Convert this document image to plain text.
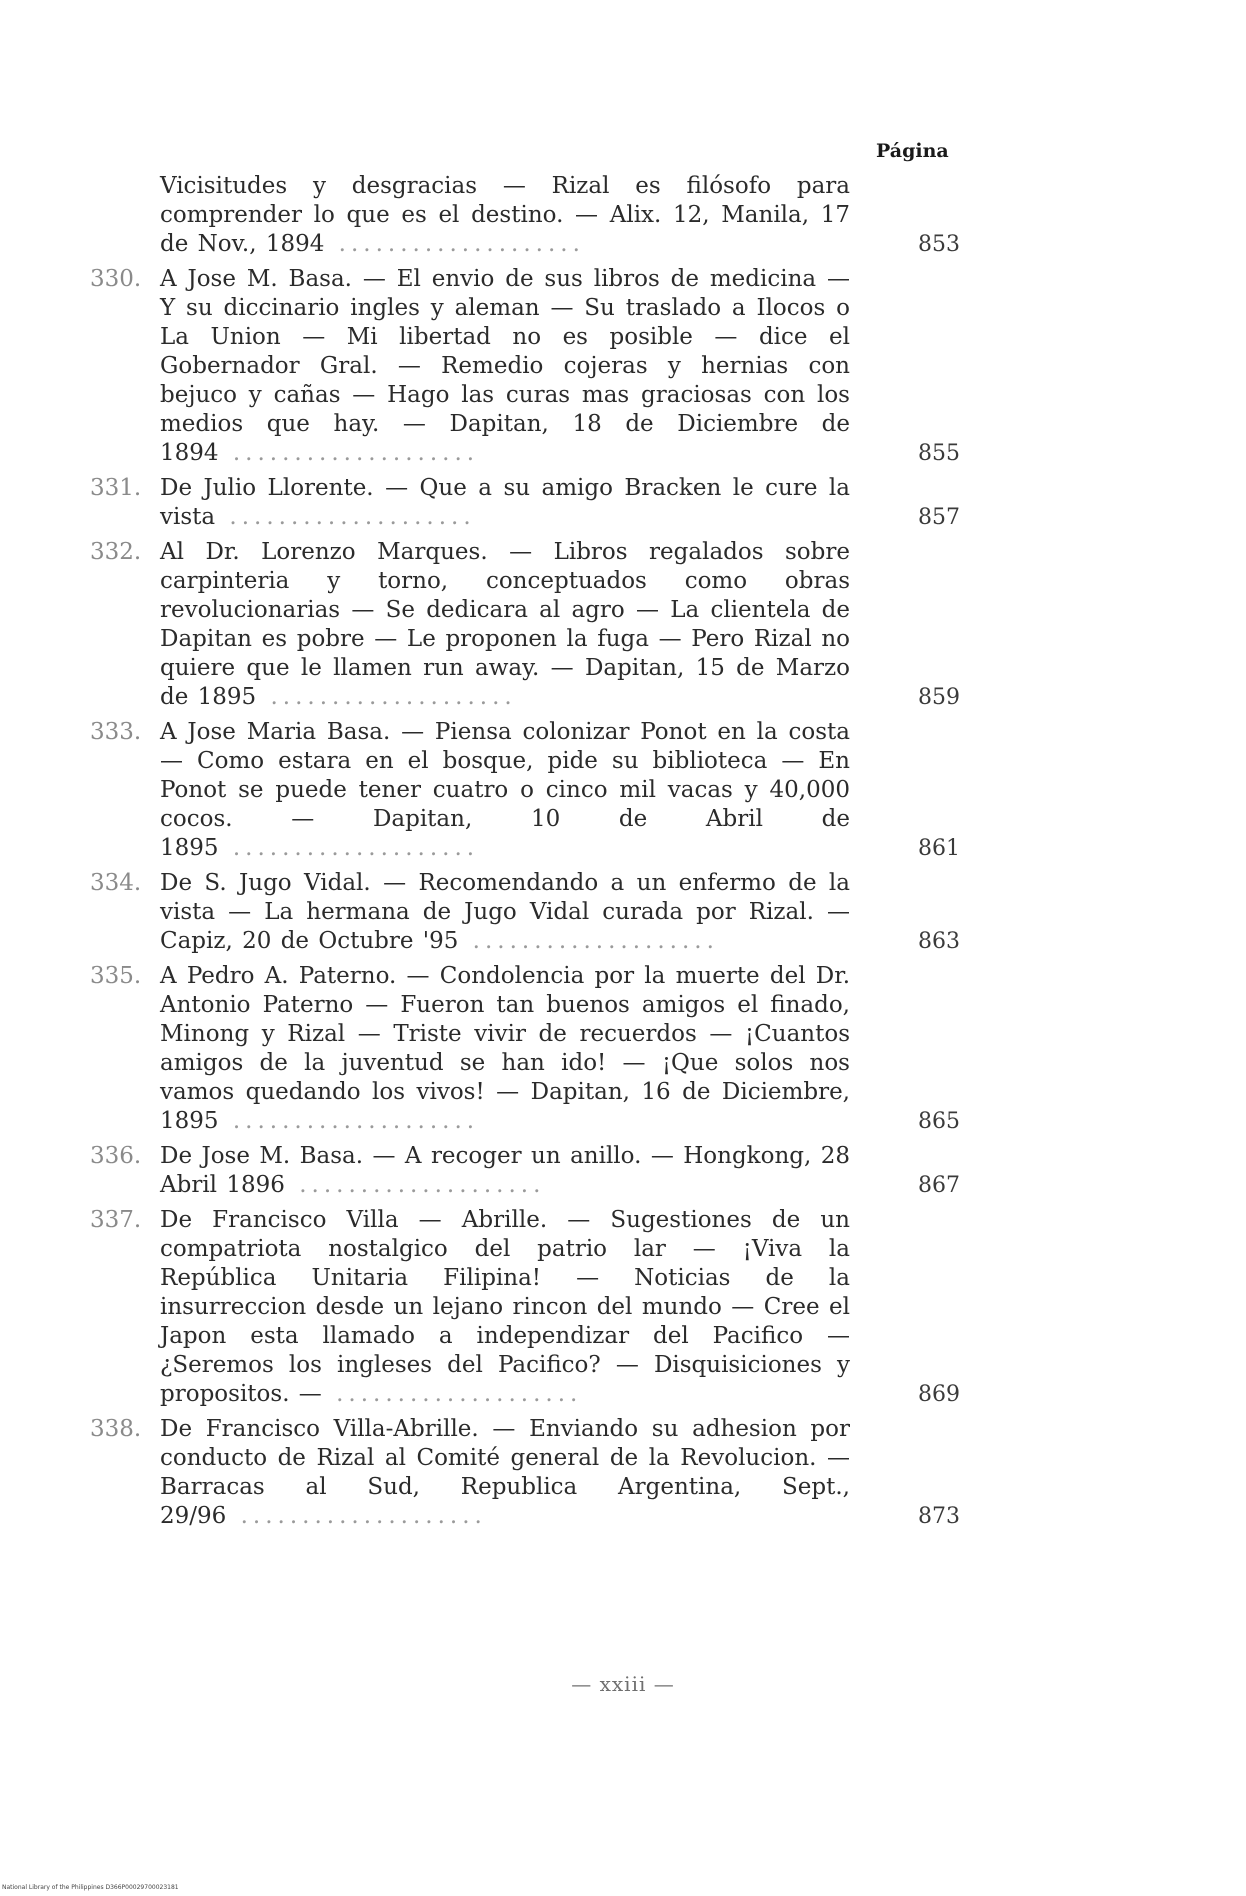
Página
Vicisitudes y desgracias — Rizal es filósofo para comprender lo que es el destino. — Alix. 12, Manila, 17 de Nov., 1894 ....................	853
330. A Jose M. Basa. — El envio de sus libros de medicina — Y su diccinario ingles y aleman — Su traslado a Ilocos o La Union — Mi libertad no es posible — dice el Gobernador Gral. — Remedio cojeras y hernias con bejuco y cañas — Hago las curas mas graciosas con los medios que hay. — Dapitan, 18 de Diciembre de 1894 ....................	855
331. De Julio Llorente. — Que a su amigo Bracken le cure la vista ....................	857
332. Al Dr. Lorenzo Marques. — Libros regalados sobre carpinteria y torno, conceptuados como obras revolucionarias — Se dedicara al agro — La clientela de Dapitan es pobre — Le proponen la fuga — Pero Rizal no quiere que le llamen run away. — Dapitan, 15 de Marzo de 1895 ....................	859
333. A Jose Maria Basa. — Piensa colonizar Ponot en la costa — Como estara en el bosque, pide su biblioteca — En Ponot se puede tener cuatro o cinco mil vacas y 40,000 cocos. — Dapitan, 10 de Abril de 1895 ....................	861
334. De S. Jugo Vidal. — Recomendando a un enfermo de la vista — La hermana de Jugo Vidal curada por Rizal. — Capiz, 20 de Octubre '95 ....................	863
335. A Pedro A. Paterno. — Condolencia por la muerte del Dr. Antonio Paterno — Fueron tan buenos amigos el finado, Minong y Rizal — Triste vivir de recuerdos — ¡Cuantos amigos de la juventud se han ido! — ¡Que solos nos vamos quedando los vivos! — Dapitan, 16 de Diciembre, 1895 ....................	865
336. De Jose M. Basa. — A recoger un anillo. — Hongkong, 28 Abril 1896 ....................	867
337. De Francisco Villa — Abrille. — Sugestiones de un compatriota nostalgico del patrio lar — ¡Viva la República Unitaria Filipina! — Noticias de la insurreccion desde un lejano rincon del mundo — Cree el Japon esta llamado a independizar del Pacifico — ¿Seremos los ingleses del Pacifico? — Disquisiciones y propositos. — ....................	869
338. De Francisco Villa-Abrille. — Enviando su adhesion por conducto de Rizal al Comité general de la Revolucion. — Barracas al Sud, Republica Argentina, Sept., 29/96 ....................	873
— xxiii —
National Library of the Philippines D366P00029700023181
